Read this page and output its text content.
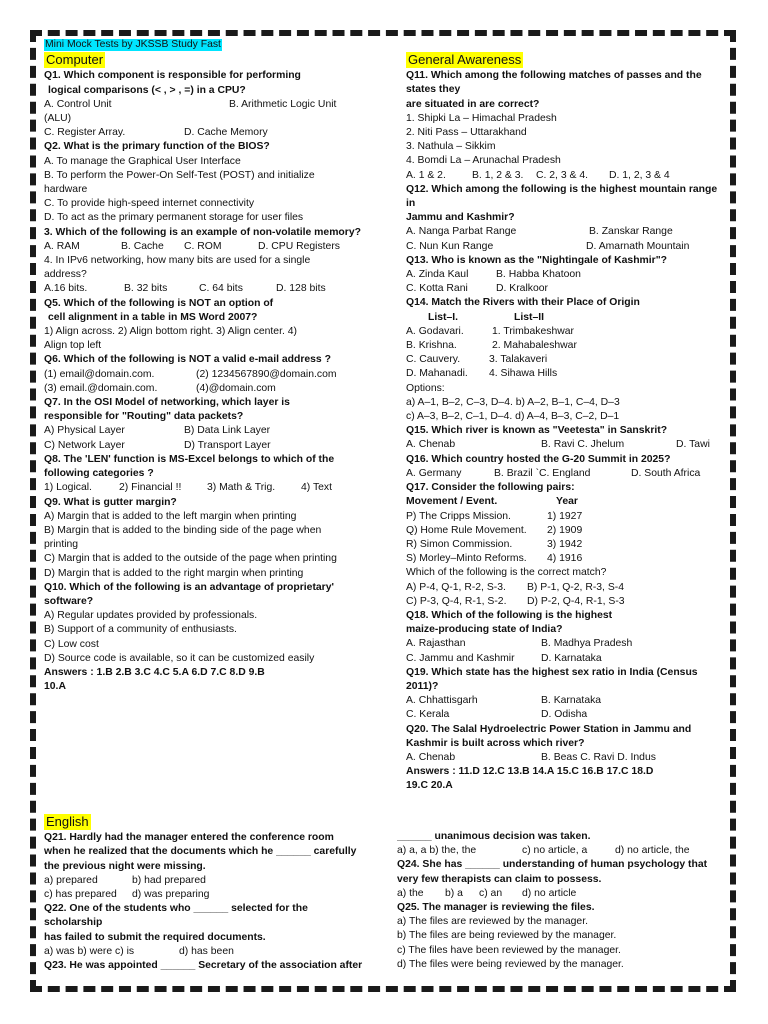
Mini Mock Tests by JKSSB Study Fast
Computer
Q1. Which component is responsible for performing
logical comparisons (< , > , =) in a CPU?
A. Control Unit	B. Arithmetic Logic Unit
(ALU)
C. Register Array.	D. Cache Memory
Q2. What is the primary function of the BIOS?
A. To manage the Graphical User Interface
B. To perform the Power-On Self-Test (POST) and initialize
hardware
C. To provide high-speed internet connectivity
D. To act as the primary permanent storage for user files
3. Which of the following is an example of non-volatile memory?
A. RAM	B. Cache C. ROM	D. CPU Registers
4. In IPv6 networking, how many bits are used for a single
address?
A.16 bits.	B. 32 bits	C. 64 bits	D. 128 bits
Q5. Which of the following is NOT an option of
cell alignment in a table in MS Word 2007?
1) Align across. 2) Align bottom right. 3) Align center. 4)
Align top left
Q6. Which of the following is NOT a valid e-mail address ?
(1) email@domain.com.	(2) 1234567890@domain.com
(3) email.@domain.com.	(4)@domain.com
Q7. In the OSI Model of networking, which layer is
responsible for "Routing" data packets?
A) Physical Layer	B) Data Link Layer
C) Network Layer	D) Transport Layer
Q8. The 'LEN' function is MS-Excel belongs to which of the
following categories ?
1) Logical.	2) Financial !! 3) Math & Trig. 4) Text
Q9. What is gutter margin?
A) Margin that is added to the left margin when printing
B) Margin that is added to the binding side of the page when
printing
C) Margin that is added to the outside of the page when printing
D) Margin that is added to the right margin when printing
Q10. Which of the following is an advantage of proprietary'
software?
A) Regular updates provided by professionals.
B) Support of a community of enthusiasts.
C) Low cost
D) Source code is available, so it can be customized easily
Answers : 1.B 2.B 3.C 4.C 5.A 6.D 7.C 8.D 9.B
10.A
General Awareness
Q11. Which among the following matches of passes and the
states they
are situated in are correct?
1. Shipki La – Himachal Pradesh
2. Niti Pass – Uttarakhand
3. Nathula – Sikkim
4. Bomdi La – Arunachal Pradesh
A. 1 & 2.	B. 1, 2 & 3. C. 2, 3 & 4. D. 1, 2, 3 & 4
Q12. Which among the following is the highest mountain range
in
Jammu and Kashmir?
A. Nanga Parbat Range	B. Zanskar Range
C. Nun Kun Range	D. Amarnath Mountain
Q13. Who is known as the "Nightingale of Kashmir"?
A. Zinda Kaul	B. Habba Khatoon
C. Kotta Rani	D. Kralkoor
Q14. Match the Rivers with their Place of Origin
List–I.	List–II
A. Godavari.	1. Trimbakeshwar
B. Krishna.	2. Mahabaleshwar
C. Cauvery.	3. Talakaveri
D. Mahanadi. 4. Sihawa Hills
Options:
a) A–1, B–2, C–3, D–4. b) A–2, B–1, C–4, D–3
c) A–3, B–2, C–1, D–4. d) A–4, B–3, C–2, D–1
Q15. Which river is known as "Veetesta" in Sanskrit?
A. Chenab	B. Ravi C. Jhelum	D. Tawi
Q16. Which country hosted the G-20 Summit in 2025?
A. Germany	B. Brazil `C. England	D. South Africa
Q17. Consider the following pairs:
Movement / Event.	Year
P) The Cripps Mission.	1) 1927
Q) Home Rule Movement. 2) 1909
R) Simon Commission.	3) 1942
S) Morley–Minto Reforms. 4) 1916
Which of the following is the correct match?
A) P-4, Q-1, R-2, S-3. B) P-1, Q-2, R-3, S-4
C) P-3, Q-4, R-1, S-2. D) P-2, Q-4, R-1, S-3
Q18. Which of the following is the highest
maize-producing state of India?
A. Rajasthan	B. Madhya Pradesh
C. Jammu and Kashmir	D. Karnataka
Q19. Which state has the highest sex ratio in India (Census
2011)?
A. Chhattisgarh	B. Karnataka
C. Kerala	D. Odisha
Q20. The Salal Hydroelectric Power Station in Jammu and
Kashmir is built across which river?
A. Chenab	B. Beas C. Ravi D. Indus
Answers : 11.D 12.C 13.B 14.A 15.C 16.B 17.C 18.D
19.C 20.A
English
Q21. Hardly had the manager entered the conference room
when he realized that the documents which he ______ carefully
the previous night were missing.
a) prepared	b) had prepared
c) has prepared d) was preparing
Q22. One of the students who ______ selected for the
scholarship
has failed to submit the required documents.
a) was b) were c) is	d) has been
Q23. He was appointed ______ Secretary of the association after
______ unanimous decision was taken.
a) a, a b) the, the	c) no article, a	d) no article, the
Q24. She has ______ understanding of human psychology that
very few therapists can claim to possess.
a) the b) a c) an d) no article
Q25. The manager is reviewing the files.
a) The files are reviewed by the manager.
b) The files are being reviewed by the manager.
c) The files have been reviewed by the manager.
d) The files were being reviewed by the manager.
